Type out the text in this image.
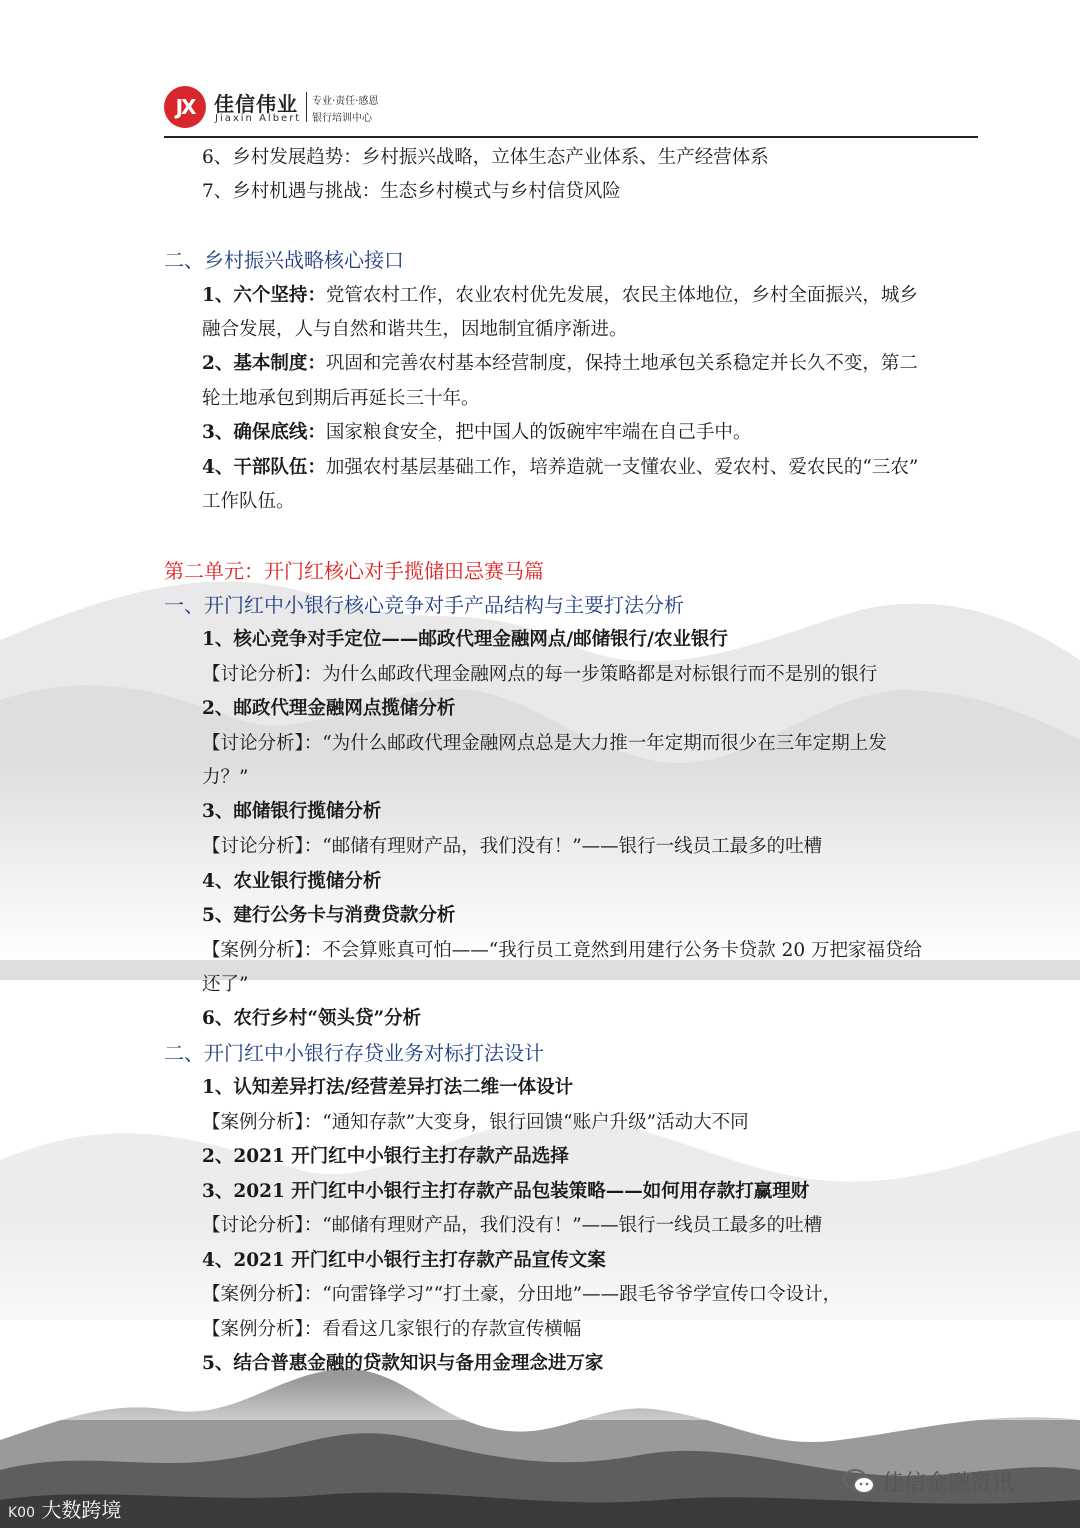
JX 佳信伟业
Jiaxin Albert
专业·责任·感恩
银行培训中心
6、乡村发展趋势：乡村振兴战略，立体生态产业体系、生产经营体系
7、乡村机遇与挑战：生态乡村模式与乡村信贷风险
二、乡村振兴战略核心接口
1、六个坚持：党管农村工作，农业农村优先发展，农民主体地位，乡村全面振兴，城乡
融合发展，人与自然和谐共生，因地制宜循序渐进。
2、基本制度：巩固和完善农村基本经营制度，保持土地承包关系稳定并长久不变，第二
轮土地承包到期后再延长三十年。
3、确保底线：国家粮食安全，把中国人的饭碗牢牢端在自己手中。
4、干部队伍：加强农村基层基础工作，培养造就一支懂农业、爱农村、爱农民的“三农”
工作队伍。
第二单元：开门红核心对手揽储田忌赛马篇
一、开门红中小银行核心竞争对手产品结构与主要打法分析
1、核心竞争对手定位——邮政代理金融网点/邮储银行/农业银行
【讨论分析】：为什么邮政代理金融网点的每一步策略都是对标银行而不是别的银行
2、邮政代理金融网点揽储分析
【讨论分析】：“为什么邮政代理金融网点总是大力推一年定期而很少在三年定期上发
力？”
3、邮储银行揽储分析
【讨论分析】：“邮储有理财产品，我们没有！”——银行一线员工最多的吐槽
4、农业银行揽储分析
5、建行公务卡与消费贷款分析
【案例分析】：不会算账真可怕——“我行员工竟然到用建行公务卡贷款 20 万把家福贷给
还了”
6、农行乡村“领头贷”分析
二、开门红中小银行存贷业务对标打法设计
1、认知差异打法/经营差异打法二维一体设计
【案例分析】：“通知存款”大变身，银行回馈“账户升级”活动大不同
2、2021 开门红中小银行主打存款产品选择
3、2021 开门红中小银行主打存款产品包装策略——如何用存款打赢理财
【讨论分析】：“邮储有理财产品，我们没有！”——银行一线员工最多的吐槽
4、2021 开门红中小银行主打存款产品宣传文案
【案例分析】：“向雷锋学习”“打土豪，分田地”——跟毛爷爷学宣传口令设计，
【案例分析】：看看这几家银行的存款宣传横幅
5、结合普惠金融的贷款知识与备用金理念进万家
K00 大数跨境
佳信金融资讯
